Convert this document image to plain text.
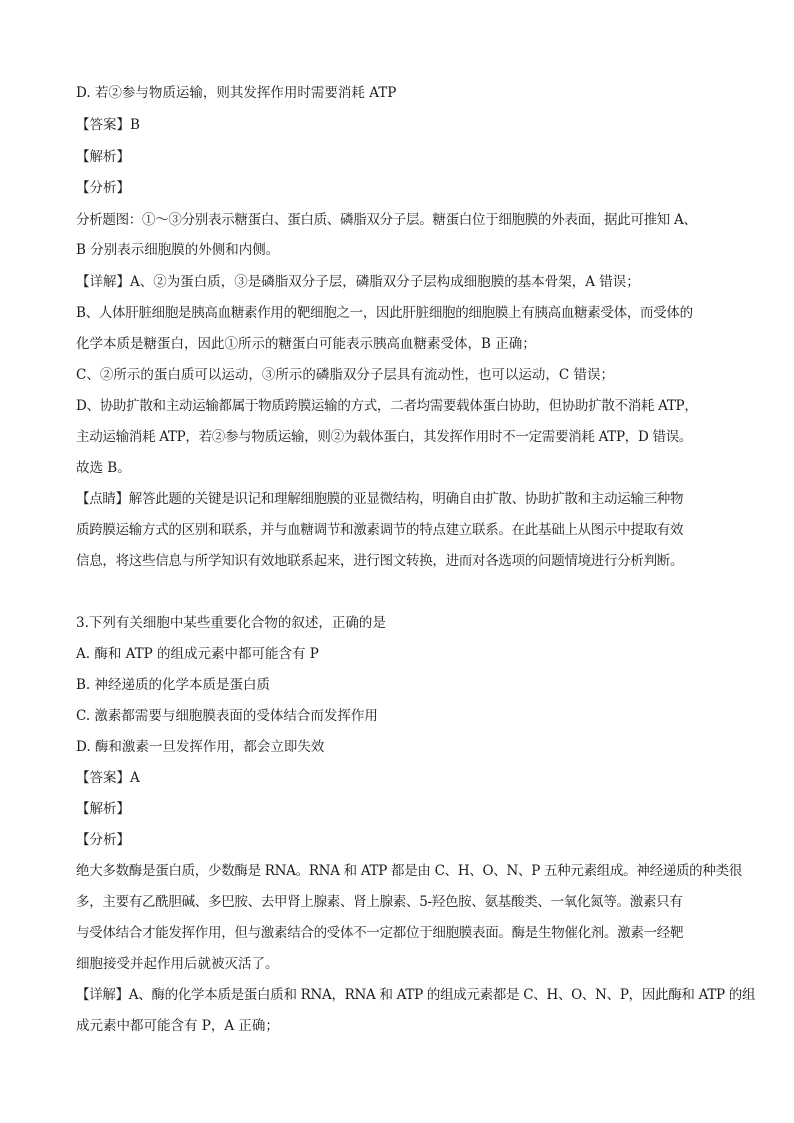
D. 若②参与物质运输，则其发挥作用时需要消耗 ATP
【答案】B
【解析】
【分析】
分析题图：①～③分别表示糖蛋白、蛋白质、磷脂双分子层。糖蛋白位于细胞膜的外表面，据此可推知 A、
B 分别表示细胞膜的外侧和内侧。
【详解】A、②为蛋白质，③是磷脂双分子层，磷脂双分子层构成细胞膜的基本骨架，A 错误；
B、人体肝脏细胞是胰高血糖素作用的靶细胞之一，因此肝脏细胞的细胞膜上有胰高血糖素受体，而受体的
化学本质是糖蛋白，因此①所示的糖蛋白可能表示胰高血糖素受体，B 正确；
C、②所示的蛋白质可以运动，③所示的磷脂双分子层具有流动性，也可以运动，C 错误；
D、协助扩散和主动运输都属于物质跨膜运输的方式，二者均需要载体蛋白协助，但协助扩散不消耗 ATP，
主动运输消耗 ATP，若②参与物质运输，则②为载体蛋白，其发挥作用时不一定需要消耗 ATP，D 错误。
故选 B。
【点睛】解答此题的关键是识记和理解细胞膜的亚显微结构，明确自由扩散、协助扩散和主动运输三种物
质跨膜运输方式的区别和联系，并与血糖调节和激素调节的特点建立联系。在此基础上从图示中提取有效
信息，将这些信息与所学知识有效地联系起来，进行图文转换，进而对各选项的问题情境进行分析判断。
3.下列有关细胞中某些重要化合物的叙述，正确的是
A. 酶和 ATP 的组成元素中都可能含有 P
B. 神经递质的化学本质是蛋白质
C. 激素都需要与细胞膜表面的受体结合而发挥作用
D. 酶和激素一旦发挥作用，都会立即失效
【答案】A
【解析】
【分析】
绝大多数酶是蛋白质，少数酶是 RNA。RNA 和 ATP 都是由 C、H、O、N、P 五种元素组成。神经递质的种类很
多，主要有乙酰胆碱、多巴胺、去甲肾上腺素、肾上腺素、5-羟色胺、氨基酸类、一氧化氮等。激素只有
与受体结合才能发挥作用，但与激素结合的受体不一定都位于细胞膜表面。酶是生物催化剂。激素一经靶
细胞接受并起作用后就被灭活了。
【详解】A、酶的化学本质是蛋白质和 RNA，RNA 和 ATP 的组成元素都是 C、H、O、N、P，因此酶和 ATP 的组
成元素中都可能含有 P，A 正确；
